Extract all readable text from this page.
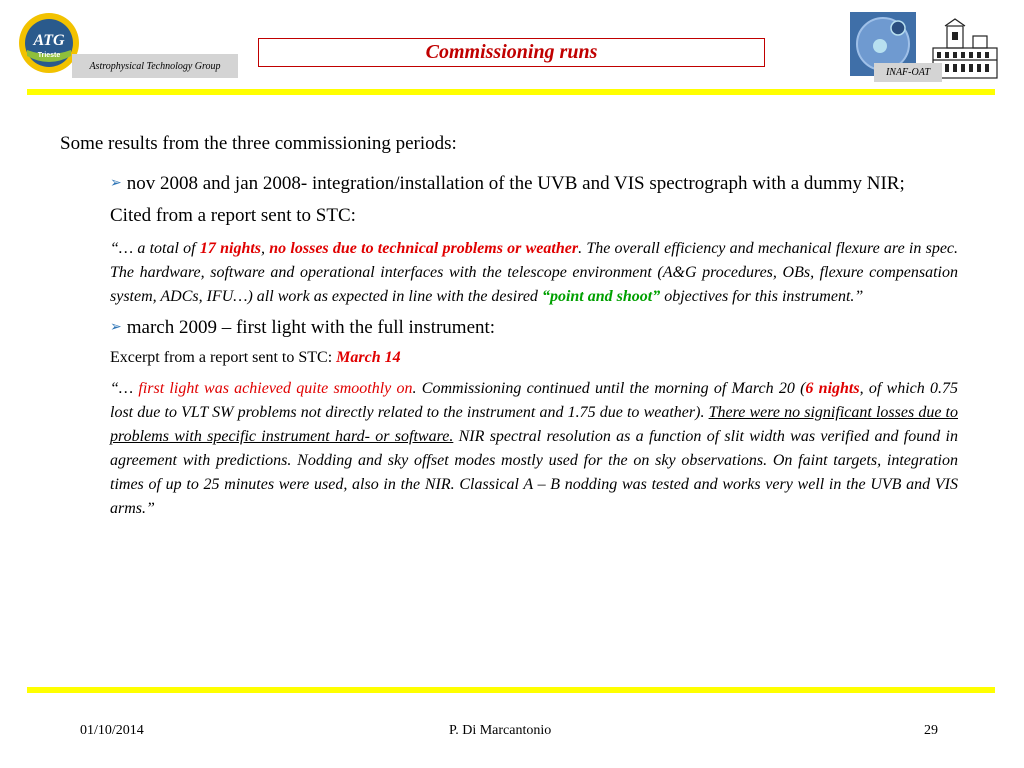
ATG
Trieste
Astrophysical Technology Group
Commissioning runs
INAF-OAT

Some results from the three commissioning periods:

➢ nov 2008 and jan 2008- integration/installation of the UVB and VIS spectrograph with a dummy NIR;

Cited from a report sent to STC:

“… a total of 17 nights, no losses due to technical problems or weather. The overall efficiency and mechanical flexure are in spec. The hardware, software and operational interfaces with the telescope environment (A&G procedures, OBs, flexure compensation system, ADCs, IFU…) all work as expected in line with the desired “point and shoot” objectives for this instrument.”

➢ march 2009 – first light with the full instrument:

Excerpt from a report sent to STC: March 14

“… first light was achieved quite smoothly on. Commissioning continued until the morning of March 20 (6 nights, of which 0.75 lost due to VLT SW problems not directly related to the instrument and 1.75 due to weather). There were no significant losses due to problems with specific instrument hard- or software. NIR spectral resolution as a function of slit width was verified and found in agreement with predictions. Nodding and sky offset modes mostly used for the on sky observations. On faint targets, integration times of up to 25 minutes were used, also in the NIR. Classical A – B nodding was tested and works very well in the UVB and VIS arms.”

01/10/2014	P. Di Marcantonio	29
